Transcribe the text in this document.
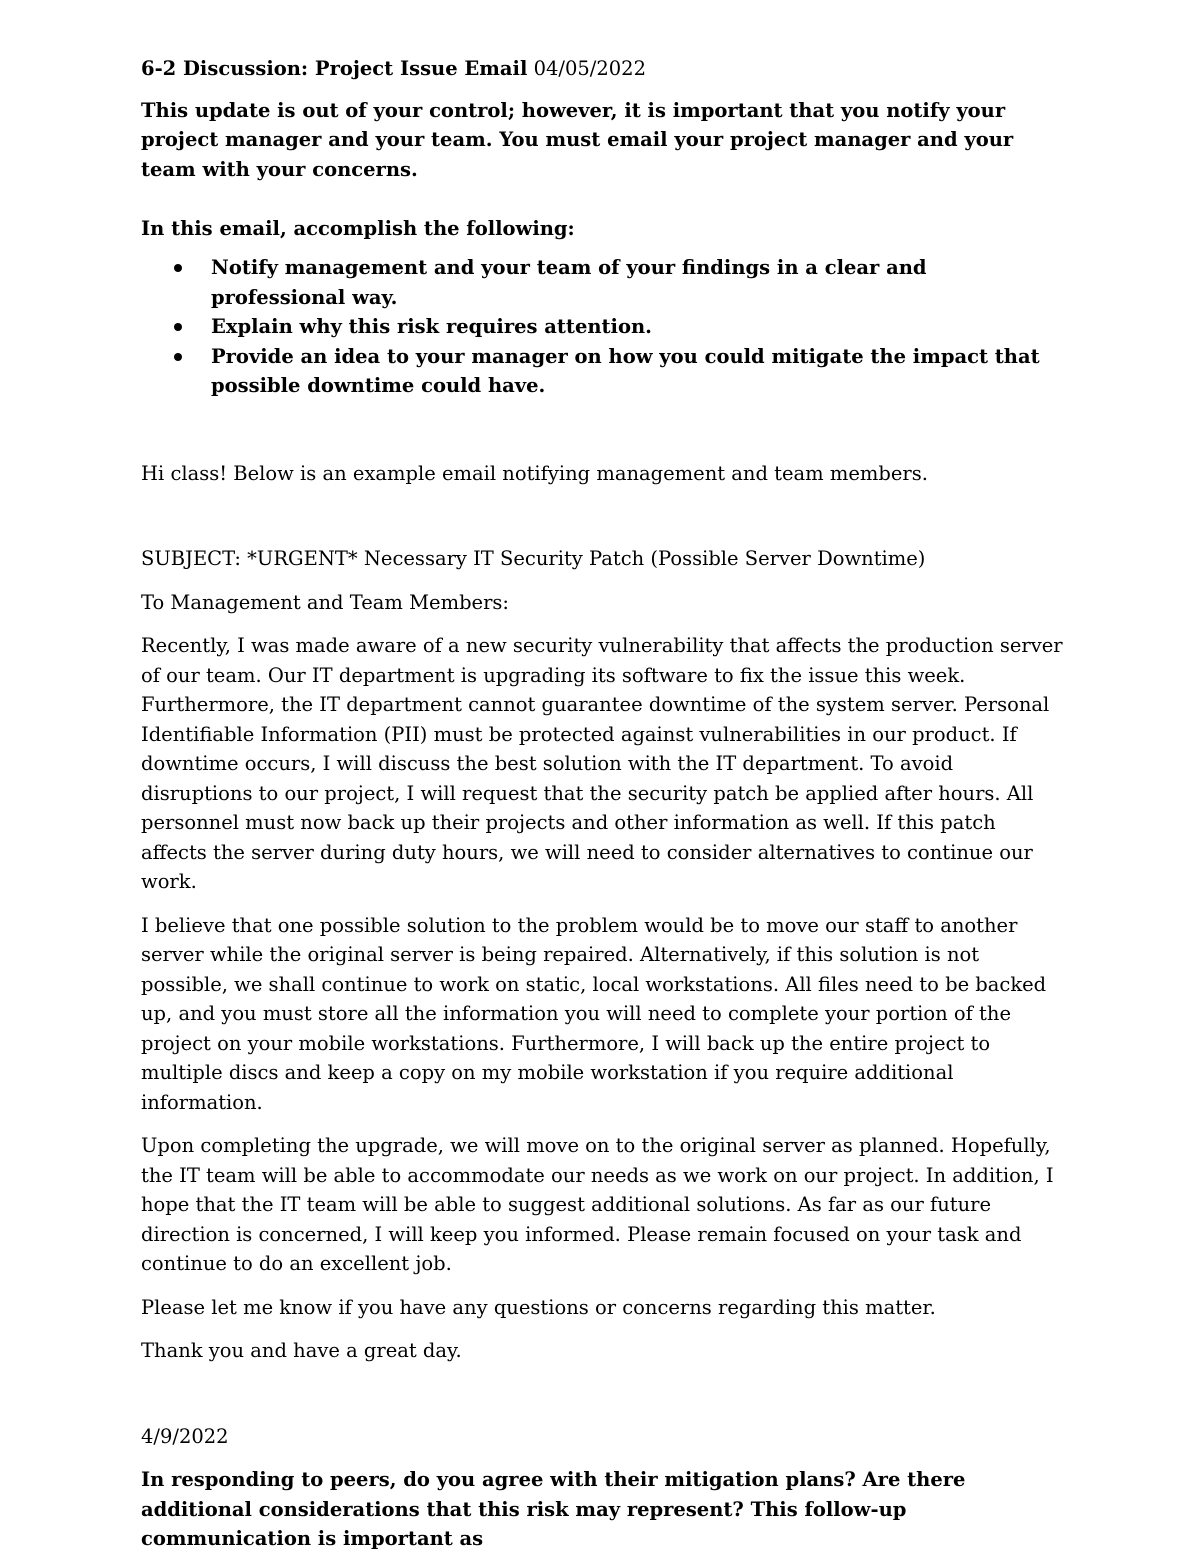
6-2 Discussion: Project Issue Email 04/05/2022

This update is out of your control; however, it is important that you notify your project manager and your team. You must email your project manager and your team with your concerns.

In this email, accomplish the following:

Notify management and your team of your findings in a clear and professional way.
Explain why this risk requires attention.
Provide an idea to your manager on how you could mitigate the impact that possible downtime could have.

Hi class! Below is an example email notifying management and team members.

SUBJECT: *URGENT* Necessary IT Security Patch (Possible Server Downtime)

To Management and Team Members:

Recently, I was made aware of a new security vulnerability that affects the production server of our team. Our IT department is upgrading its software to fix the issue this week. Furthermore, the IT department cannot guarantee downtime of the system server. Personal Identifiable Information (PII) must be protected against vulnerabilities in our product. If downtime occurs, I will discuss the best solution with the IT department. To avoid disruptions to our project, I will request that the security patch be applied after hours. All personnel must now back up their projects and other information as well. If this patch affects the server during duty hours, we will need to consider alternatives to continue our work.

I believe that one possible solution to the problem would be to move our staff to another server while the original server is being repaired. Alternatively, if this solution is not possible, we shall continue to work on static, local workstations. All files need to be backed up, and you must store all the information you will need to complete your portion of the project on your mobile workstations. Furthermore, I will back up the entire project to multiple discs and keep a copy on my mobile workstation if you require additional information.

Upon completing the upgrade, we will move on to the original server as planned. Hopefully, the IT team will be able to accommodate our needs as we work on our project. In addition, I hope that the IT team will be able to suggest additional solutions. As far as our future direction is concerned, I will keep you informed. Please remain focused on your task and continue to do an excellent job.

Please let me know if you have any questions or concerns regarding this matter.

Thank you and have a great day.

4/9/2022

In responding to peers, do you agree with their mitigation plans? Are there additional considerations that this risk may represent? This follow-up communication is important as
